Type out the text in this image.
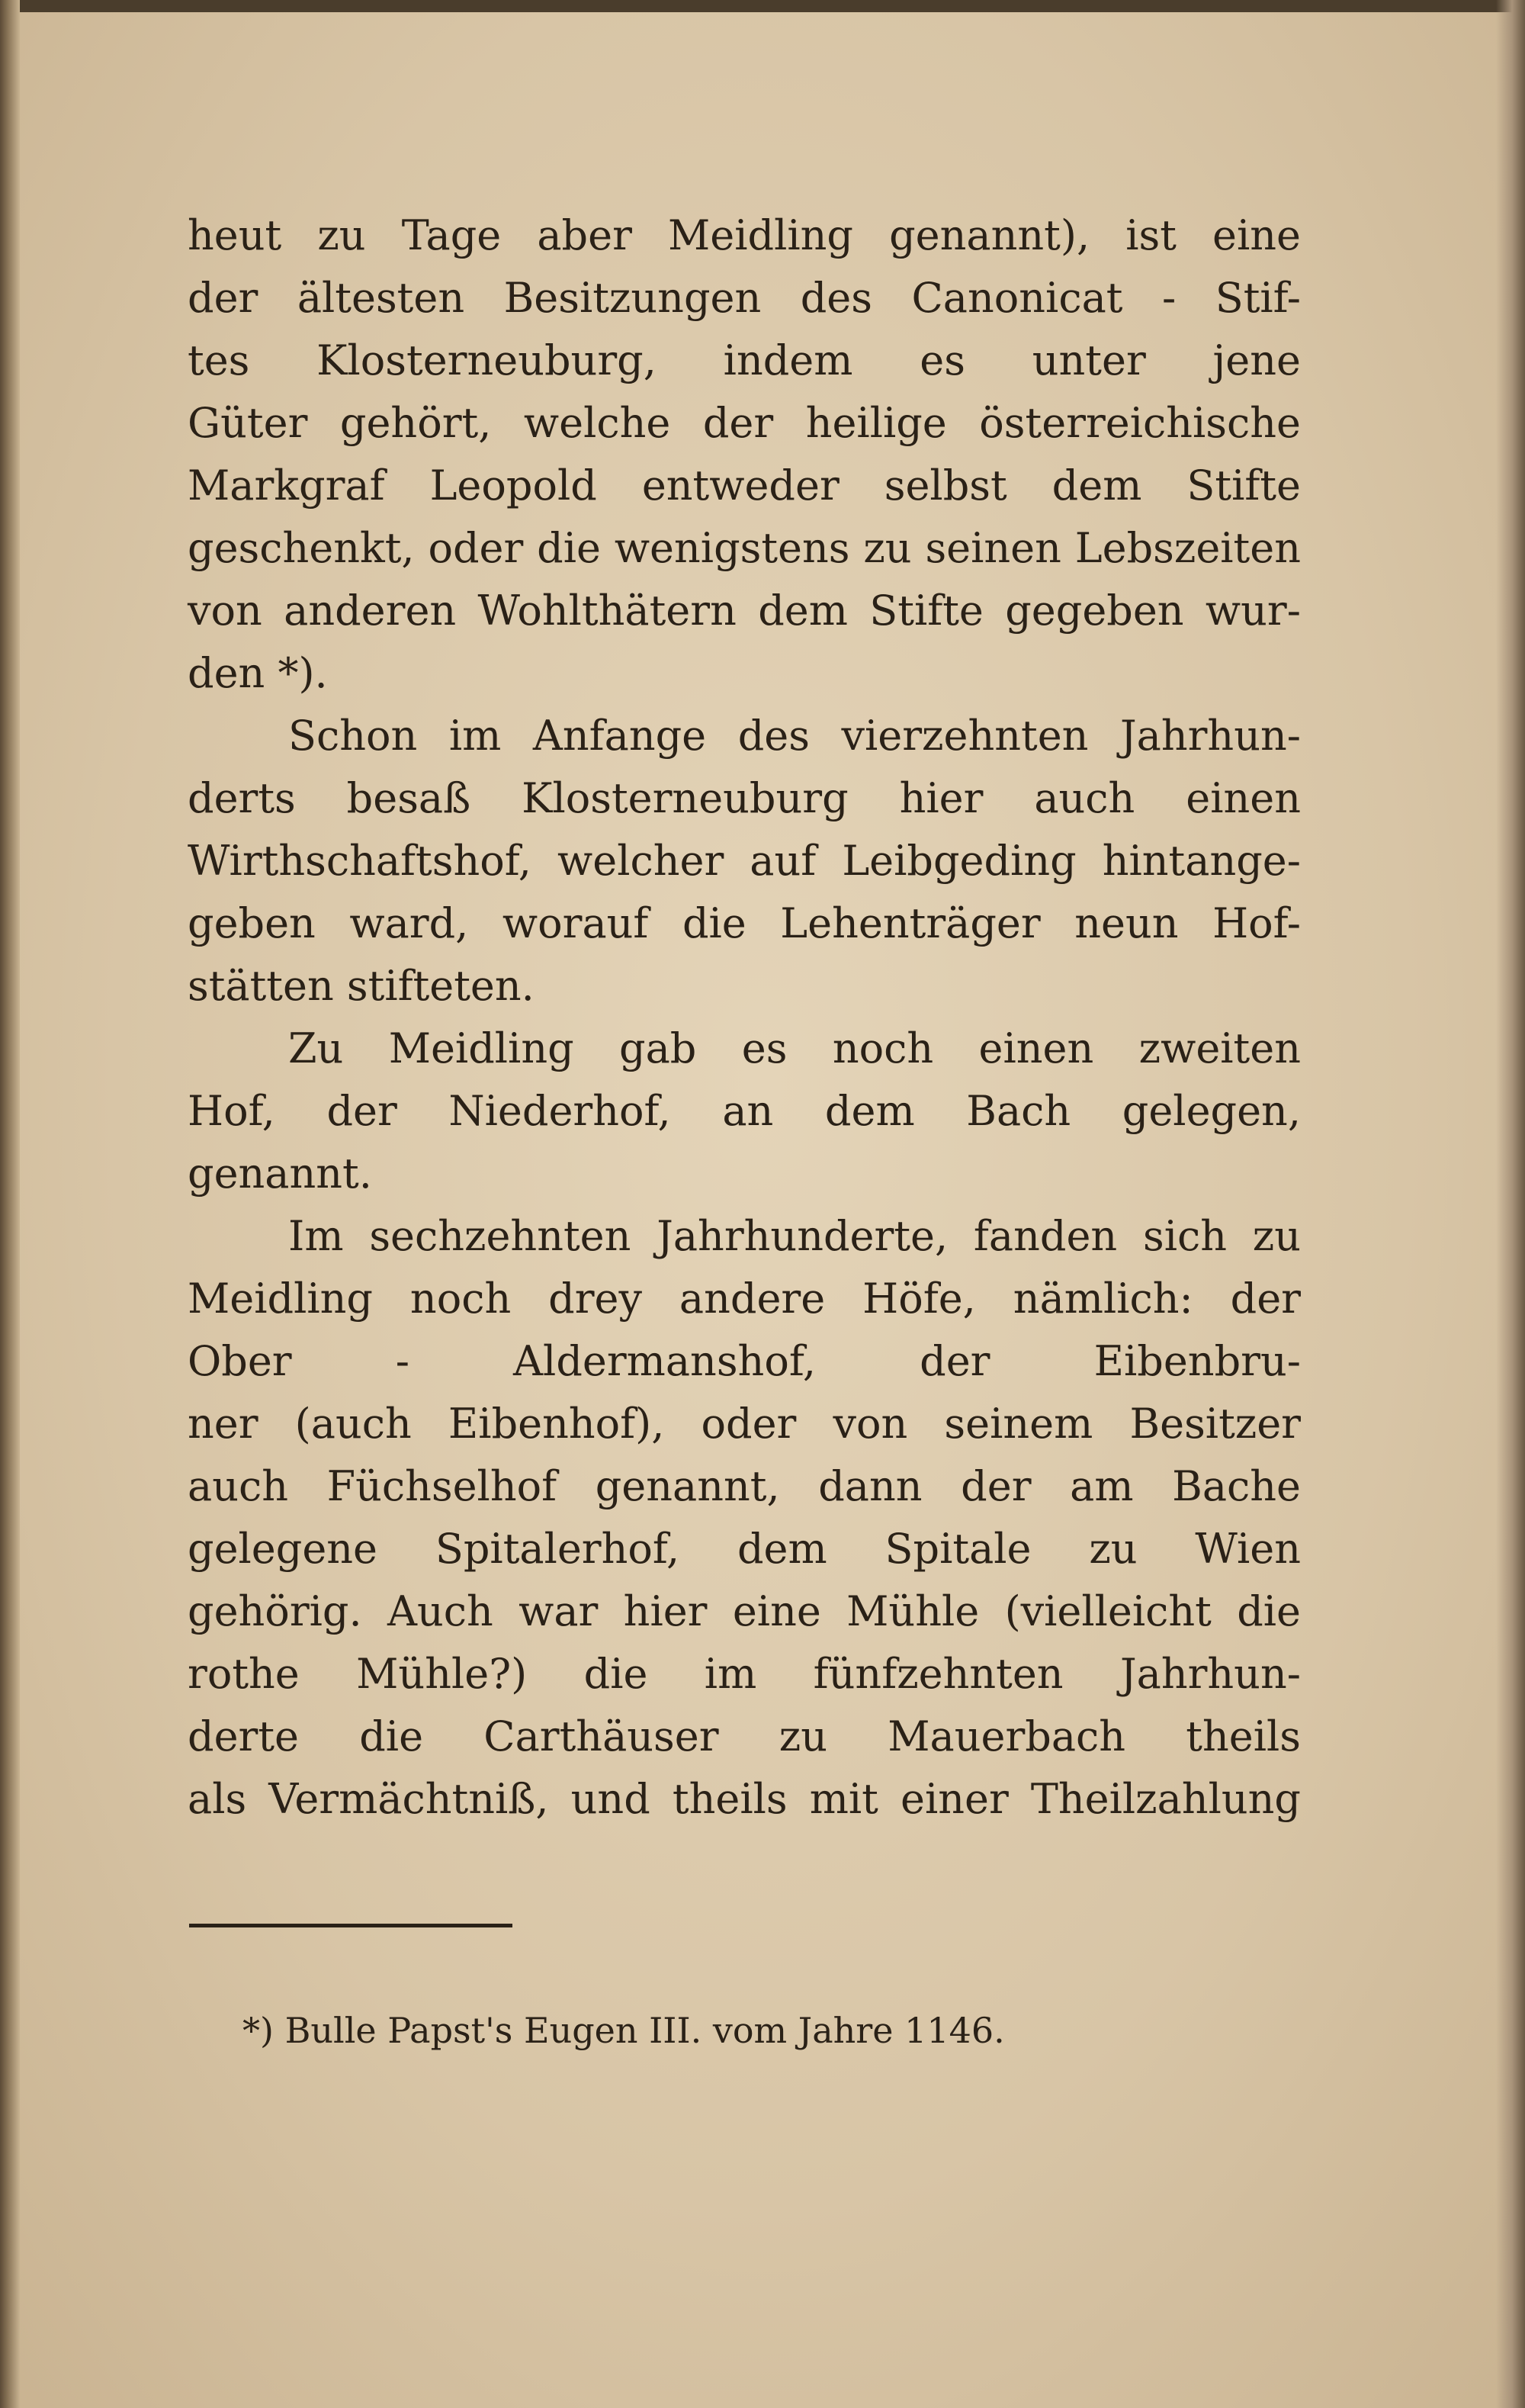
heut zu Tage aber Meidling genannt), ist eine
der ältesten Besitzungen des Canonicat - Stif-
tes Klosterneuburg, indem es unter jene
Güter gehört, welche der heilige österreichische
Markgraf Leopold entweder selbst dem Stifte
geschenkt, oder die wenigstens zu seinen Lebszeiten
von anderen Wohlthätern dem Stifte gegeben wur-
den *).
Schon im Anfange des vierzehnten Jahrhun-
derts besaß Klosterneuburg hier auch einen
Wirthschaftshof, welcher auf Leibgeding hintange-
geben ward, worauf die Lehenträger neun Hof-
stätten stifteten.
Zu Meidling gab es noch einen zweiten
Hof, der Niederhof, an dem Bach gelegen,
genannt.
Im sechzehnten Jahrhunderte, fanden sich zu
Meidling noch drey andere Höfe, nämlich: der
Ober - Aldermanshof, der Eibenbru-
ner (auch Eibenhof), oder von seinem Besitzer
auch Füchselhof genannt, dann der am Bache
gelegene Spitalerhof, dem Spitale zu Wien
gehörig. Auch war hier eine Mühle (vielleicht die
rothe Mühle?) die im fünfzehnten Jahrhun-
derte die Carthäuser zu Mauerbach theils
als Vermächtniß, und theils mit einer Theilzahlung
*) Bulle Papst's Eugen III. vom Jahre 1146.
